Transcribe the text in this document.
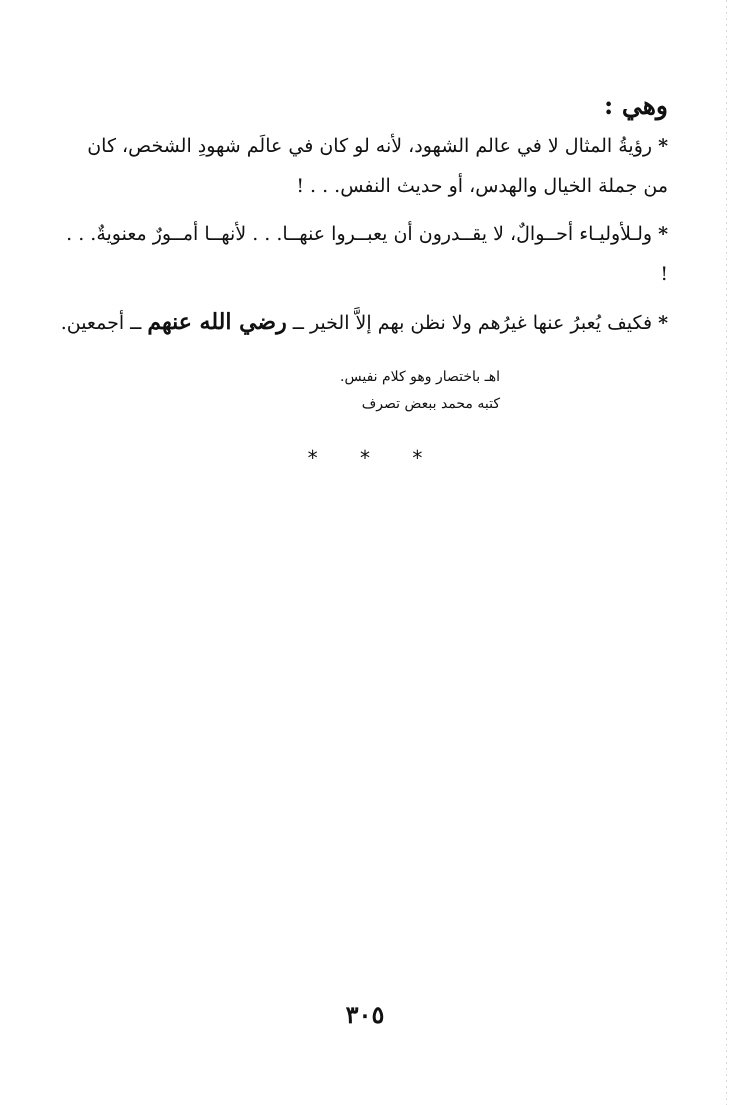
وهي :

*رؤيةُ المثال لا في عالم الشهود، لأنه لو كان في عالَم شهودِ الشخص، كان من جملة الخيال والهدس، أو حديث النفس. . . !

*ولـلأوليـاء أحــوالٌ، لا يقــدرون أن يعبــروا عنهــا. . . لأنهــا أمــورٌ معنويةٌ. . . !

*فكيف يُعبرُ عنها غيرُهم ولا نظن بهم إلاَّ الخير ــ رضي الله عنهم ــ أجمعين.

اهـ باختصار وهو كلام نفيس.
كتبه محمد ببعض تصرف
* * *
٣٠٥
